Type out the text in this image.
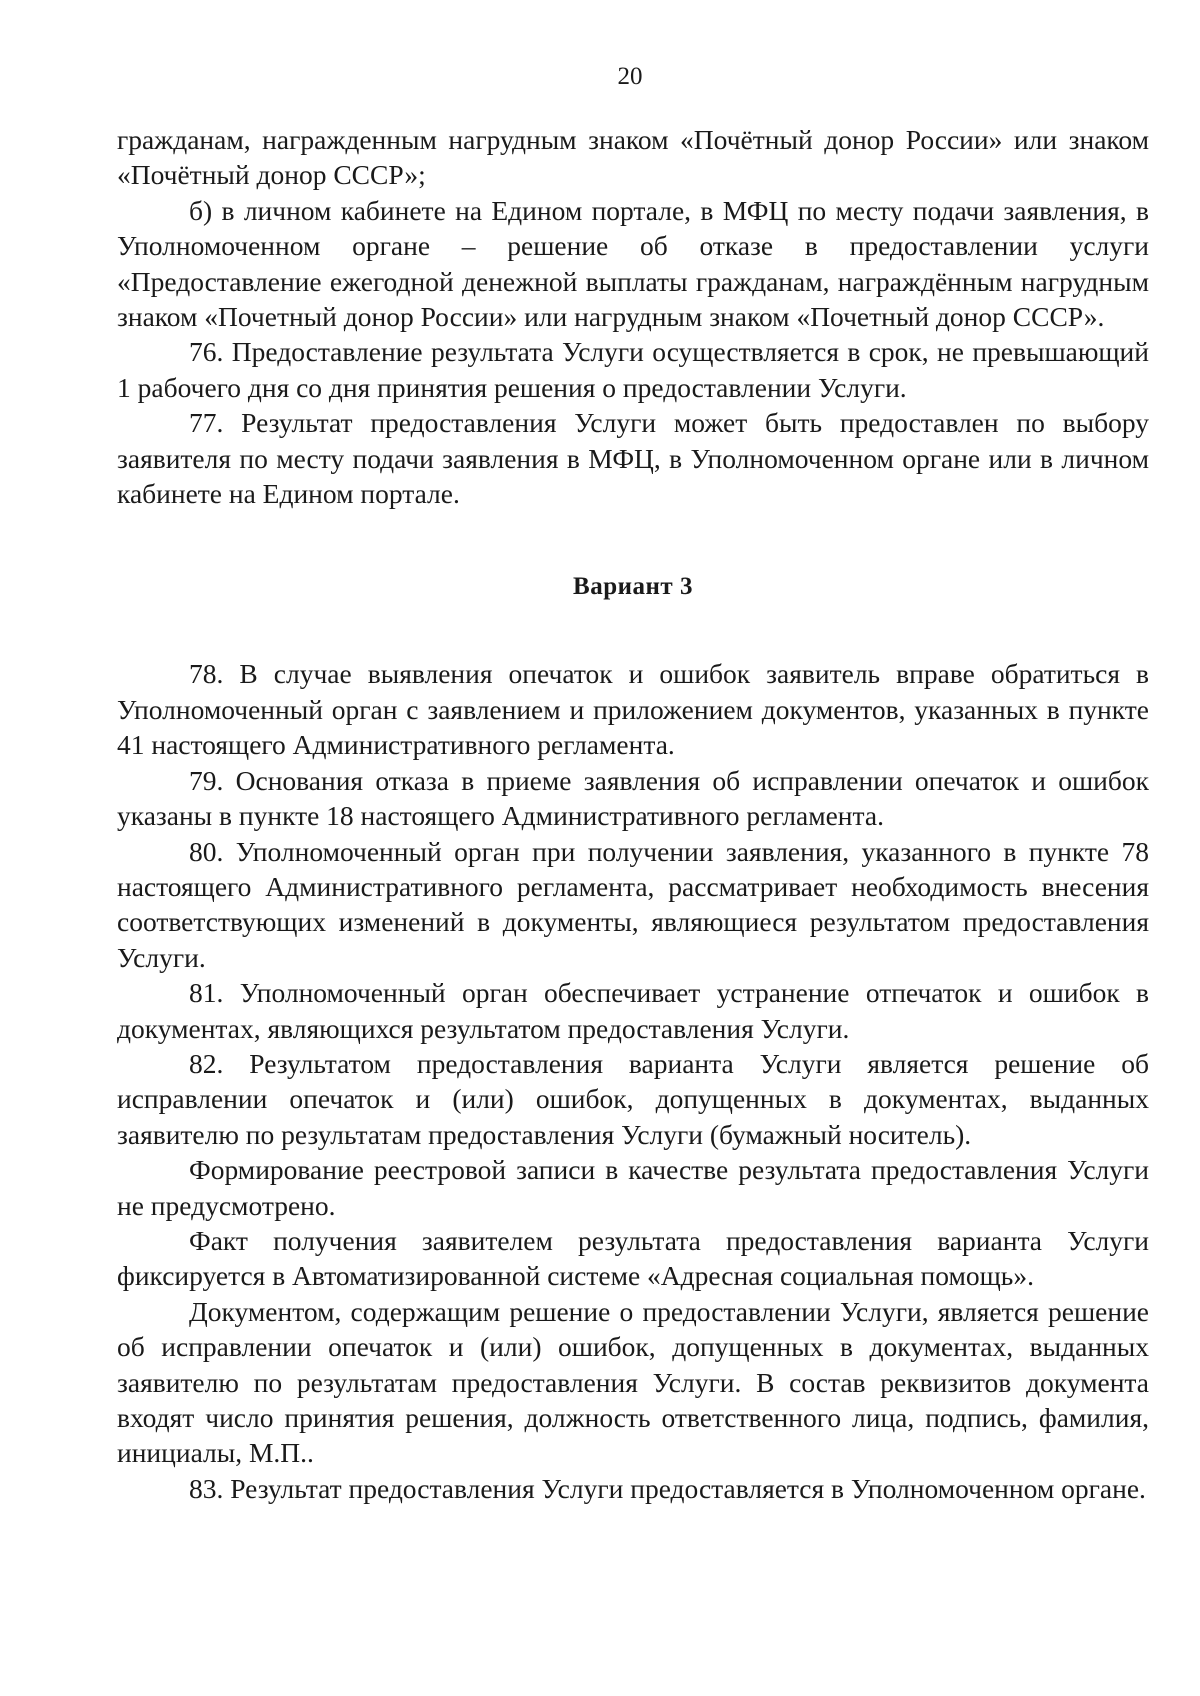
20

гражданам, награжденным нагрудным знаком «Почётный донор России» или знаком «Почётный донор СССР»;

б) в личном кабинете на Едином портале, в МФЦ по месту подачи заявления, в Уполномоченном органе – решение об отказе в предоставлении услуги «Предоставление ежегодной денежной выплаты гражданам, награждённым нагрудным знаком «Почетный донор России» или нагрудным знаком «Почетный донор СССР».

76. Предоставление результата Услуги осуществляется в срок, не превышающий 1 рабочего дня со дня принятия решения о предоставлении Услуги.

77. Результат предоставления Услуги может быть предоставлен по выбору заявителя по месту подачи заявления в МФЦ, в Уполномоченном органе или в личном кабинете на Едином портале.

Вариант 3

78. В случае выявления опечаток и ошибок заявитель вправе обратиться в Уполномоченный орган с заявлением и приложением документов, указанных в пункте 41 настоящего Административного регламента.

79. Основания отказа в приеме заявления об исправлении опечаток и ошибок указаны в пункте 18 настоящего Административного регламента.

80. Уполномоченный орган при получении заявления, указанного в пункте 78 настоящего Административного регламента, рассматривает необходимость внесения соответствующих изменений в документы, являющиеся результатом предоставления Услуги.

81. Уполномоченный орган обеспечивает устранение отпечаток и ошибок в документах, являющихся результатом предоставления Услуги.

82. Результатом предоставления варианта Услуги является решение об исправлении опечаток и (или) ошибок, допущенных в документах, выданных заявителю по результатам предоставления Услуги (бумажный носитель).

Формирование реестровой записи в качестве результата предоставления Услуги не предусмотрено.

Факт получения заявителем результата предоставления варианта Услуги фиксируется в Автоматизированной системе «Адресная социальная помощь».

Документом, содержащим решение о предоставлении Услуги, является решение об исправлении опечаток и (или) ошибок, допущенных в документах, выданных заявителю по результатам предоставления Услуги. В состав реквизитов документа входят число принятия решения, должность ответственного лица, подпись, фамилия, инициалы, М.П..

83. Результат предоставления Услуги предоставляется в Уполномоченном органе.
